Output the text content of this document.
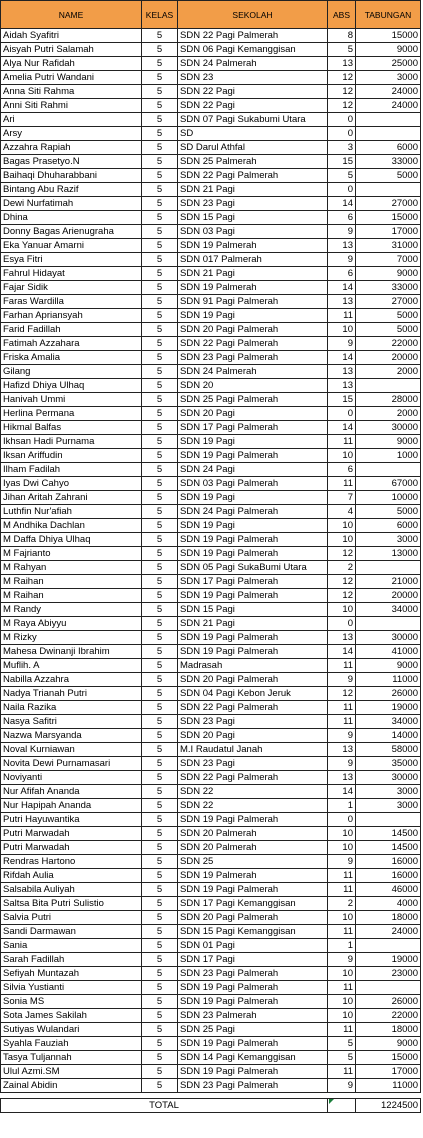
NAME	KELAS	SEKOLAH	ABS	TABUNGAN
Aidah Syafitri	5	SDN 22 Pagi Palmerah	8	15000
Aisyah Putri Salamah	5	SDN 06 Pagi Kemanggisan	5	9000
Alya Nur Rafidah	5	SDN 24 Palmerah	13	25000
Amelia Putri Wandani	5	SDN 23	12	3000
Anna Siti Rahma	5	SDN 22 Pagi	12	24000
Anni Siti Rahmi	5	SDN 22 Pagi	12	24000
Ari	5	SDN 07 Pagi Sukabumi Utara	0	
Arsy	5	SD	0	
Azzahra Rapiah	5	SD Darul Athfal	3	6000
Bagas Prasetyo.N	5	SDN 25 Palmerah	15	33000
Baihaqi Dhuharabbani	5	SDN 22 Pagi Palmerah	5	5000
Bintang Abu Razif	5	SDN 21 Pagi	0	
Dewi Nurfatimah	5	SDN 23 Pagi	14	27000
Dhina	5	SDN 15 Pagi	6	15000
Donny Bagas Arienugraha	5	SDN 03 Pagi	9	17000
Eka Yanuar Amarni	5	SDN 19 Palmerah	13	31000
Esya Fitri	5	SDN 017 Palmerah	9	7000
Fahrul Hidayat	5	SDN 21 Pagi	6	9000
Fajar Sidik	5	SDN 19 Palmerah	14	33000
Faras Wardilla	5	SDN 91 Pagi Palmerah	13	27000
Farhan Apriansyah	5	SDN 19 Pagi	11	5000
Farid Fadillah	5	SDN 20 Pagi Palmerah	10	5000
Fatimah Azzahara	5	SDN 22 Pagi Palmerah	9	22000
Friska Amalia	5	SDN 23 Pagi Palmerah	14	20000
Gilang	5	SDN 24 Palmerah	13	2000
Hafizd Dhiya Ulhaq	5	SDN 20	13	
Hanivah Ummi	5	SDN 25 Pagi Palmerah	15	28000
Herlina Permana	5	SDN 20 Pagi	0	2000
Hikmal Balfas	5	SDN 17 Pagi Palmerah	14	30000
Ikhsan Hadi Purnama	5	SDN 19 Pagi	11	9000
Iksan Ariffudin	5	SDN 19 Pagi Palmerah	10	1000
Ilham Fadilah	5	SDN 24 Pagi	6	
Iyas Dwi Cahyo	5	SDN 03 Pagi Palmerah	11	67000
Jihan Aritah Zahrani	5	SDN 19 Pagi	7	10000
Luthfin Nur'afiah	5	SDN 24 Pagi Palmerah	4	5000
M Andhika Dachlan	5	SDN 19 Pagi	10	6000
M Daffa Dhiya Ulhaq	5	SDN 19 Pagi Palmerah	10	3000
M Fajrianto	5	SDN 19 Pagi Palmerah	12	13000
M Rahyan	5	SDN 05 Pagi SukaBumi Utara	2	
M Raihan	5	SDN 17 Pagi Palmerah	12	21000
M Raihan	5	SDN 19 Pagi Palmerah	12	20000
M Randy	5	SDN 15 Pagi	10	34000
M Raya Abiyyu	5	SDN 21 Pagi	0	
M Rizky	5	SDN 19 Pagi Palmerah	13	30000
Mahesa Dwinanji Ibrahim	5	SDN 19 Pagi Palmerah	14	41000
Muflih. A	5	Madrasah	11	9000
Nabilla Azzahra	5	SDN 20 Pagi Palmerah	9	11000
Nadya Trianah Putri	5	SDN 04 Pagi Kebon Jeruk	12	26000
Naila Razika	5	SDN 22 Pagi Palmerah	11	19000
Nasya Safitri	5	SDN 23 Pagi	11	34000
Nazwa Marsyanda	5	SDN 20 Pagi	9	14000
Noval Kurniawan	5	M.I Raudatul Janah	13	58000
Novita Dewi Purnamasari	5	SDN 23 Pagi	9	35000
Noviyanti	5	SDN 22 Pagi Palmerah	13	30000
Nur Afifah Ananda	5	SDN 22	14	3000
Nur Hapipah Ananda	5	SDN 22	1	3000
Putri Hayuwantika	5	SDN 19 Pagi Palmerah	0	
Putri Marwadah	5	SDN 20 Palmerah	10	14500
Putri Marwadah	5	SDN 20 Palmerah	10	14500
Rendras Hartono	5	SDN 25	9	16000
Rifdah Aulia	5	SDN 19 Palmerah	11	16000
Salsabila Auliyah	5	SDN 19 Pagi Palmerah	11	46000
Saltsa Bita Putri Sulistio	5	SDN 17 Pagi Kemanggisan	2	4000
Salvia Putri	5	SDN 20 Pagi Palmerah	10	18000
Sandi Darmawan	5	SDN 15 Pagi Kemanggisan	11	24000
Sania	5	SDN 01 Pagi	1	
Sarah Fadillah	5	SDN 17 Pagi	9	19000
Sefiyah Muntazah	5	SDN 23 Pagi Palmerah	10	23000
Silvia Yustianti	5	SDN 19 Pagi Palmerah	11	
Sonia MS	5	SDN 19 Pagi Palmerah	10	26000
Sota James Sakilah	5	SDN 23 Palmerah	10	22000
Sutiyas Wulandari	5	SDN 25 Pagi	11	18000
Syahla Fauziah	5	SDN 19 Pagi Palmerah	5	9000
Tasya Tuljannah	5	SDN 14 Pagi Kemanggisan	5	15000
Ulul Azmi.SM	5	SDN 19 Pagi Palmerah	11	17000
Zainal Abidin	5	SDN 23 Pagi Palmerah	9	11000

TOTAL				1224500
